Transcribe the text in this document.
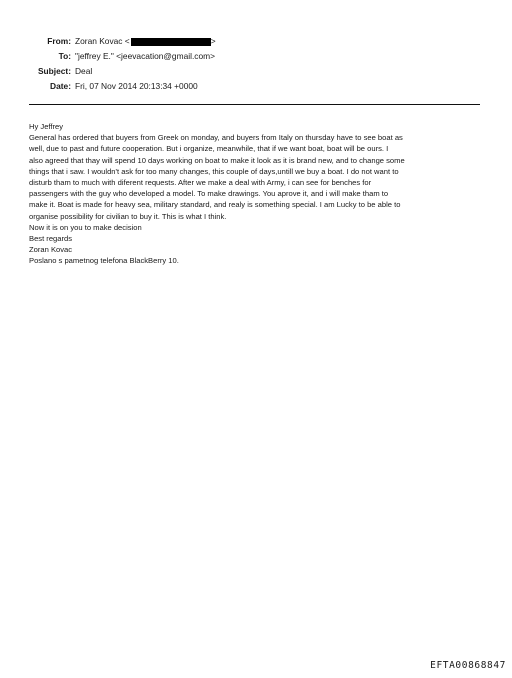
From: Zoran Kovac <	>
To: "jeffrey E." <jeevacation@gmail.com>
Subject: Deal
Date: Fri, 07 Nov 2014 20:13:34 +0000
Hy Jeffrey
General has ordered that buyers from Greek on monday, and buyers from Italy on thursday have to see boat as
well, due to past and future cooperation. But i organize, meanwhile, that if we want boat, boat will be ours. I
also agreed that thay will spend 10 days working on boat to make it look as it is brand new, and to change some
things that i saw. I wouldn't ask for too many changes, this couple of days,untill we buy a boat. I do not want to
disturb tham to much with diferent requests. After we make a deal with Army, i can see for benches for
passengers with the guy who developed a model. To make drawings. You aprove it, and i will make tham to
make it. Boat is made for heavy sea, military standard, and realy is something special. I am Lucky to be able to
organise possibility for civilian to buy it. This is what I think.
Now it is on you to make decision
Best regards
Zoran Kovac
Poslano s pametnog telefona BlackBerry 10.
EFTA00868847
